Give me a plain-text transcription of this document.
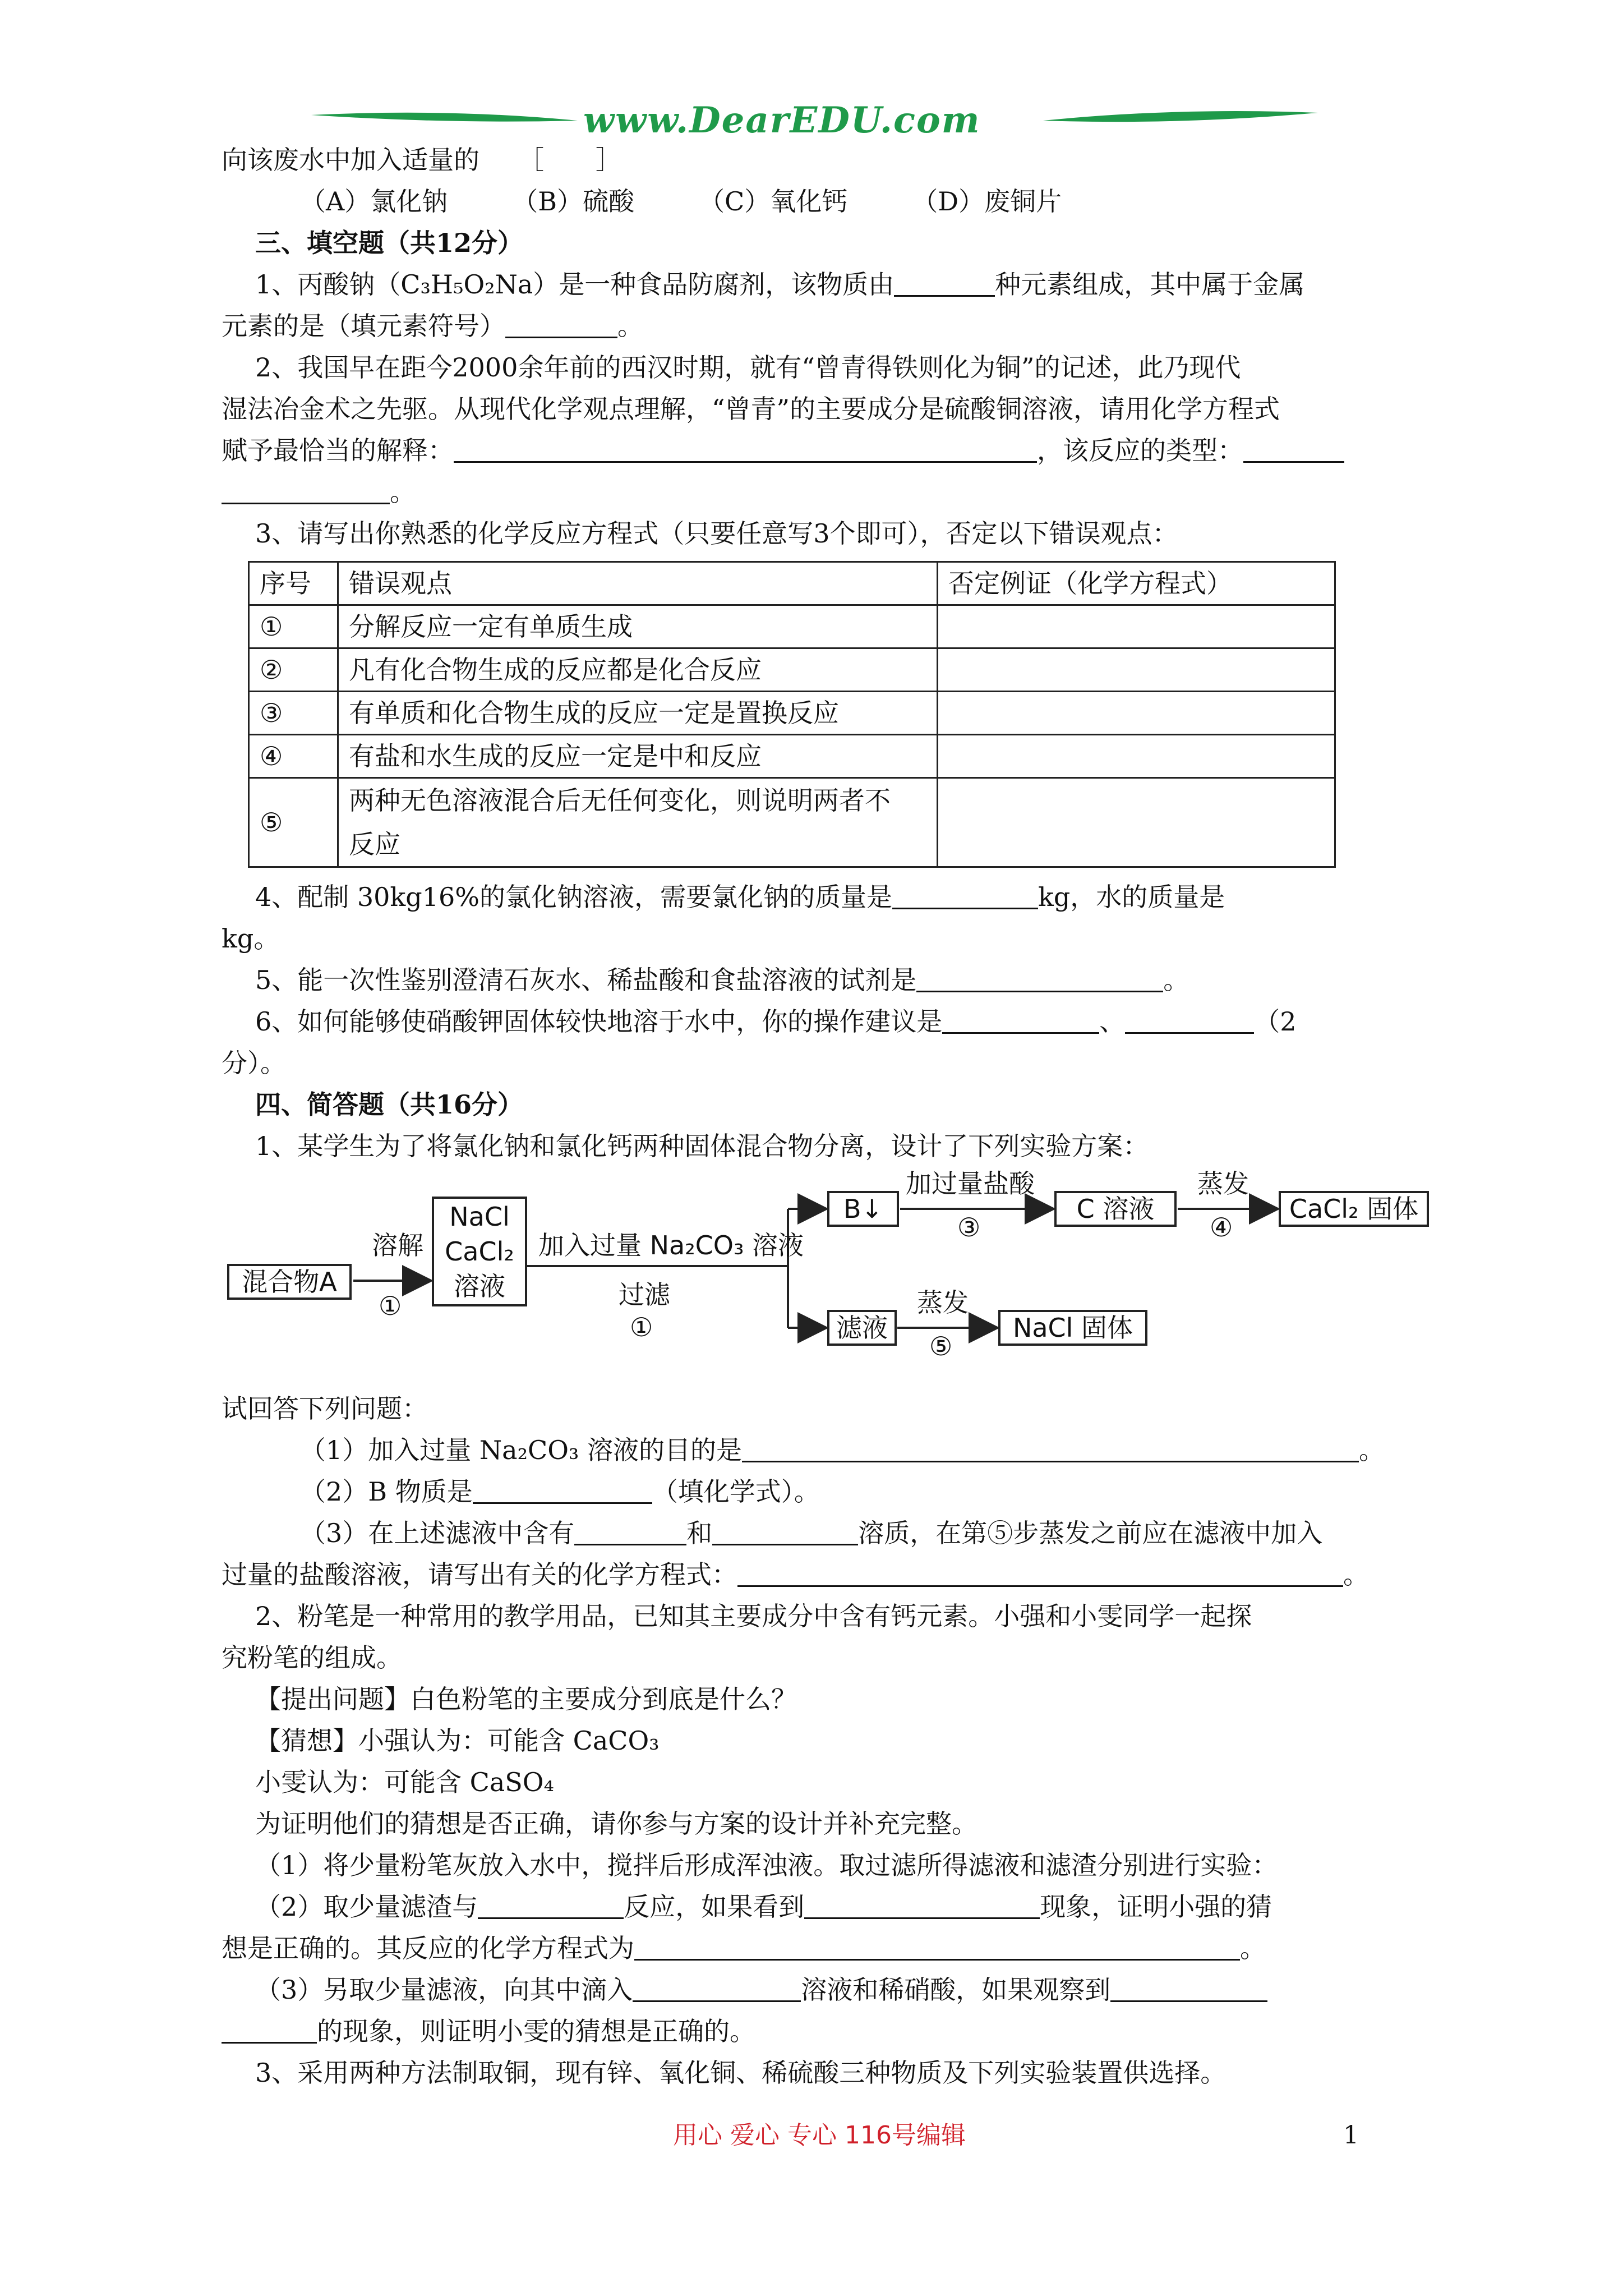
www.DearEDU.com
向该废水中加入适量的　　［　　］
（A）氯化钠　　　（B）硫酸　　　（C）氧化钙　　　（D）废铜片
三、填空题（共12分）
1、丙酸钠（C₃H₅O₂Na）是一种食品防腐剂，该物质由	种元素组成，其中属于金属
元素的是（填元素符号）	。
2、我国早在距今2000余年前的西汉时期，就有“曾青得铁则化为铜”的记述，此乃现代
湿法冶金术之先驱。从现代化学观点理解，“曾青”的主要成分是硫酸铜溶液，请用化学方程式
赋予最恰当的解释：	，该反应的类型：
。
3、请写出你熟悉的化学反应方程式（只要任意写3个即可），否定以下错误观点：
序号	错误观点	否定例证（化学方程式）
①	分解反应一定有单质生成	
②	凡有化合物生成的反应都是化合反应	
③	有单质和化合物生成的反应一定是置换反应	
④	有盐和水生成的反应一定是中和反应	
⑤	两种无色溶液混合后无任何变化，则说明两者不
反应	
4、配制 30kg16%的氯化钠溶液，需要氯化钠的质量是	kg，水的质量是
kg。
5、能一次性鉴别澄清石灰水、稀盐酸和食盐溶液的试剂是	。
6、如何能够使硝酸钾固体较快地溶于水中，你的操作建议是	、	（2
分）。
四、简答题（共16分）
1、某学生为了将氯化钠和氯化钙两种固体混合物分离，设计了下列实验方案：
混合物A
溶解
①
NaCl
CaCl₂
溶液
加入过量 Na₂CO₃ 溶液
过滤
①
B↓
加过量盐酸
③
C 溶液
蒸发
④
CaCl₂ 固体
滤液
蒸发
⑤
NaCl 固体
试回答下列问题：
（1）加入过量 Na₂CO₃ 溶液的目的是	。
（2）B 物质是	（填化学式）。
（3）在上述滤液中含有	和	溶质，在第⑤步蒸发之前应在滤液中加入
过量的盐酸溶液，请写出有关的化学方程式：	。
2、粉笔是一种常用的教学用品，已知其主要成分中含有钙元素。小强和小雯同学一起探
究粉笔的组成。
【提出问题】白色粉笔的主要成分到底是什么？
【猜想】小强认为：可能含 CaCO₃
小雯认为：可能含 CaSO₄
为证明他们的猜想是否正确，请你参与方案的设计并补充完整。
（1）将少量粉笔灰放入水中，搅拌后形成浑浊液。取过滤所得滤液和滤渣分别进行实验：
（2）取少量滤渣与	反应，如果看到	现象，证明小强的猜
想是正确的。其反应的化学方程式为	。
（3）另取少量滤液，向其中滴入	溶液和稀硝酸，如果观察到
的现象，则证明小雯的猜想是正确的。
3、采用两种方法制取铜，现有锌、氧化铜、稀硫酸三种物质及下列实验装置供选择。
用心 爱心 专心 116号编辑	1
